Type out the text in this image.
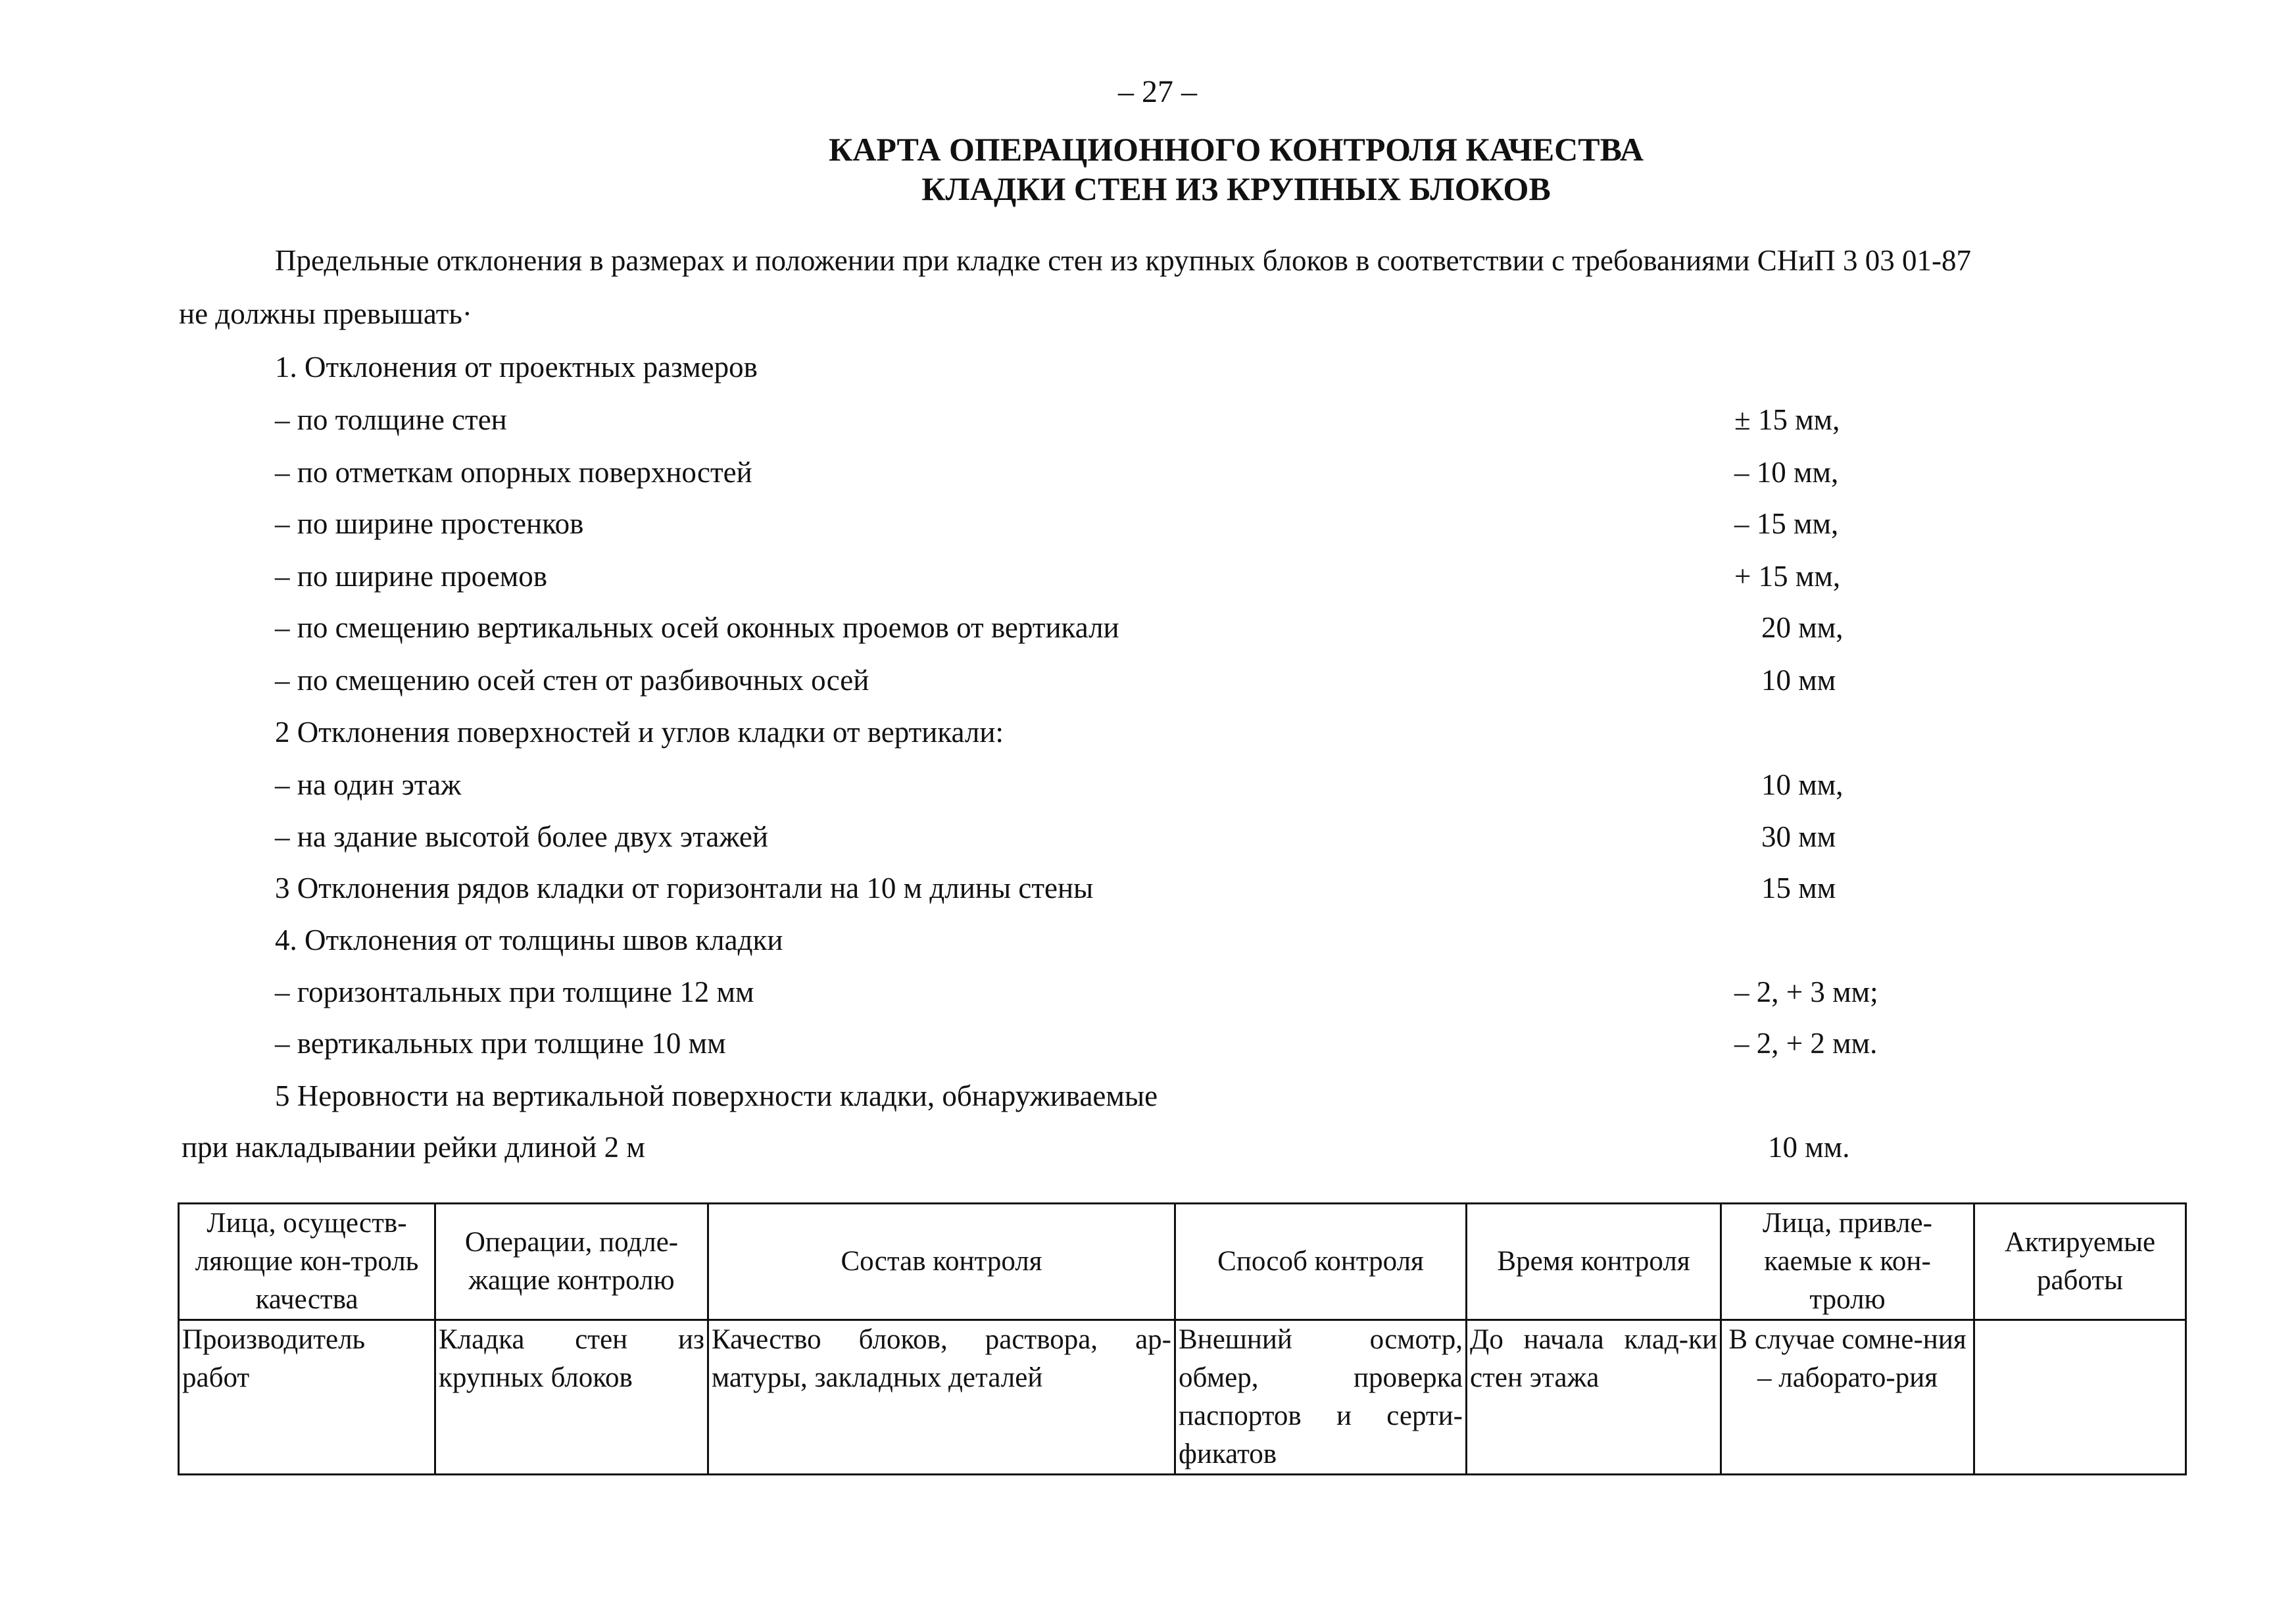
– 27 –
КАРТА ОПЕРАЦИОННОГО КОНТРОЛЯ КАЧЕСТВА
КЛАДКИ СТЕН ИЗ КРУПНЫХ БЛОКОВ
Предельные отклонения в размерах и положении при кладке стен из крупных блоков в соответствии с требованиями СНиП 3 03 01-87
не должны превышать·
1. Отклонения от проектных размеров
– по толщине стен	± 15 мм,
– по отметкам опорных поверхностей	– 10 мм,
– по ширине простенков	– 15 мм,
– по ширине проемов	+ 15 мм,
– по смещению вертикальных осей оконных проемов от вертикали	20 мм,
– по смещению осей стен от разбивочных осей	10 мм
2 Отклонения поверхностей и углов кладки от вертикали:
– на один этаж	10 мм,
– на здание высотой более двух этажей	30 мм
3 Отклонения рядов кладки от горизонтали на 10 м длины стены	15 мм
4. Отклонения от толщины швов кладки
– горизонтальных при толщине 12 мм	– 2, + 3 мм;
– вертикальных при толщине 10 мм	– 2, + 2 мм.
5 Неровности на вертикальной поверхности кладки, обнаруживаемые
при накладывании рейки длиной 2 м	10 мм.
Лица, осуществ-ляющие кон-троль качества	Операции, подле-жащие контролю	Состав контроля	Способ контроля	Время контроля	Лица, привле-каемые к кон-тролю	Актируемые работы
Производитель работ	Кладка стен из крупных блоков	Качество блоков, раствора, ар-матуры, закладных деталей	Внешний осмотр, обмер, проверка паспортов и серти-фикатов	До начала клад-ки стен этажа	В случае сомне-ния – лаборато-рия	
